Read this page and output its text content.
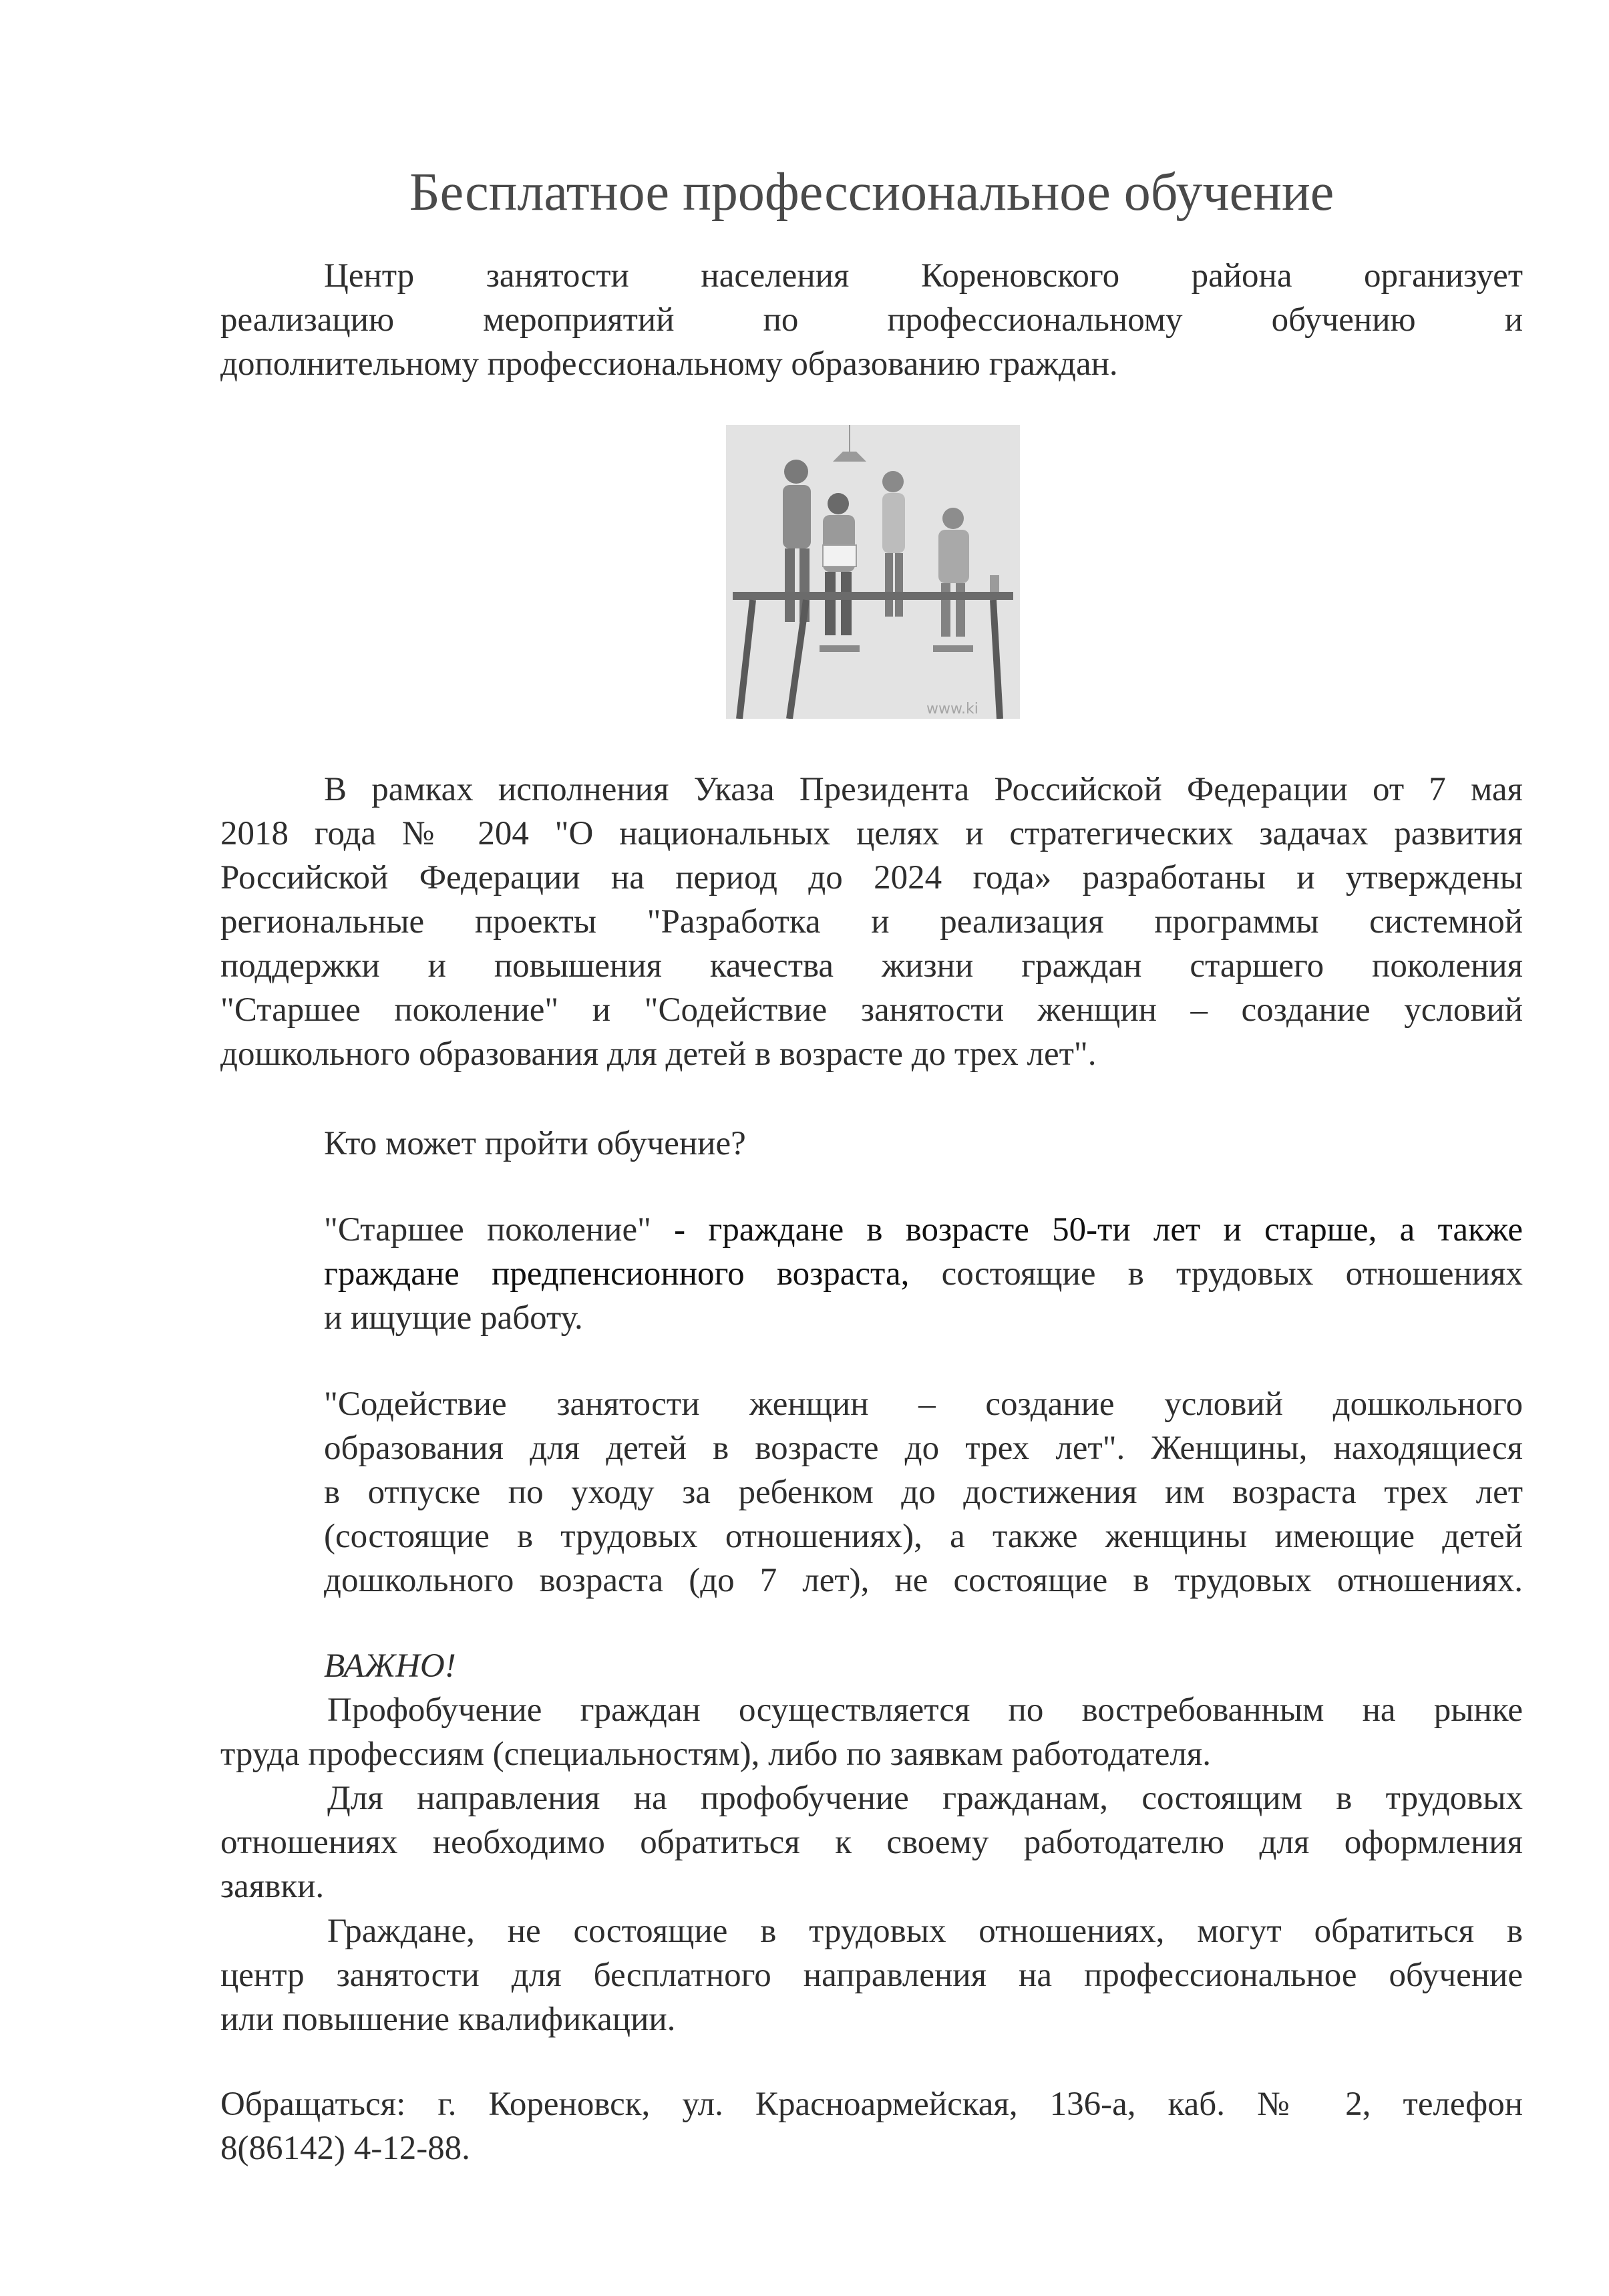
Бесплатное профессиональное обучение
Центр занятости населения Кореновского района организует
реализацию мероприятий по профессиональному обучению и
дополнительному профессиональному образованию граждан.
www.ki
В рамках исполнения Указа Президента Российской Федерации от 7 мая
2018 года № 204 "О национальных целях и стратегических задачах развития
Российской Федерации на период до 2024 года» разработаны и утверждены
региональные проекты "Разработка и реализация программы системной
поддержки и повышения качества жизни граждан старшего поколения
"Старшее поколение" и "Содействие занятости женщин – создание условий
дошкольного образования для детей в возрасте до трех лет".
Кто может пройти обучение?
"Старшее поколение" - граждане в возрасте 50-ти лет и старше, а также
граждане предпенсионного возраста, состоящие в трудовых отношениях
и ищущие работу.
"Содействие занятости женщин – создание условий дошкольного
образования для детей в возрасте до трех лет". Женщины, находящиеся
в отпуске по уходу за ребенком до достижения им возраста трех лет
(состоящие в трудовых отношениях), а также женщины имеющие детей
дошкольного возраста (до 7 лет), не состоящие в трудовых отношениях.
ВАЖНО!
Профобучение граждан осуществляется по востребованным на рынке
труда профессиям (специальностям), либо по заявкам работодателя.
Для направления на профобучение гражданам, состоящим в трудовых
отношениях необходимо обратиться к своему работодателю для оформления
заявки.
Граждане, не состоящие в трудовых отношениях, могут обратиться в
центр занятости для бесплатного направления на профессиональное обучение
или повышение квалификации.
Обращаться: г. Кореновск, ул. Красноармейская, 136-а, каб. № 2, телефон
8(86142) 4-12-88.
